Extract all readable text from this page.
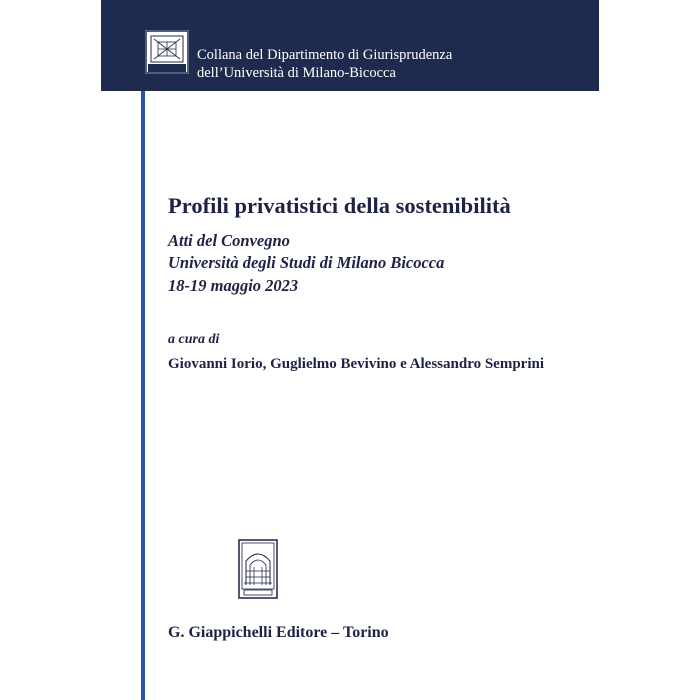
Collana del Dipartimento di Giurisprudenza
dell’Università di Milano-Bicocca
Profili privatistici della sostenibilità
Atti del Convegno
Università degli Studi di Milano Bicocca
18-19 maggio 2023
a cura di
Giovanni Iorio, Guglielmo Bevivino e Alessandro Semprini
G. Giappichelli Editore – Torino
